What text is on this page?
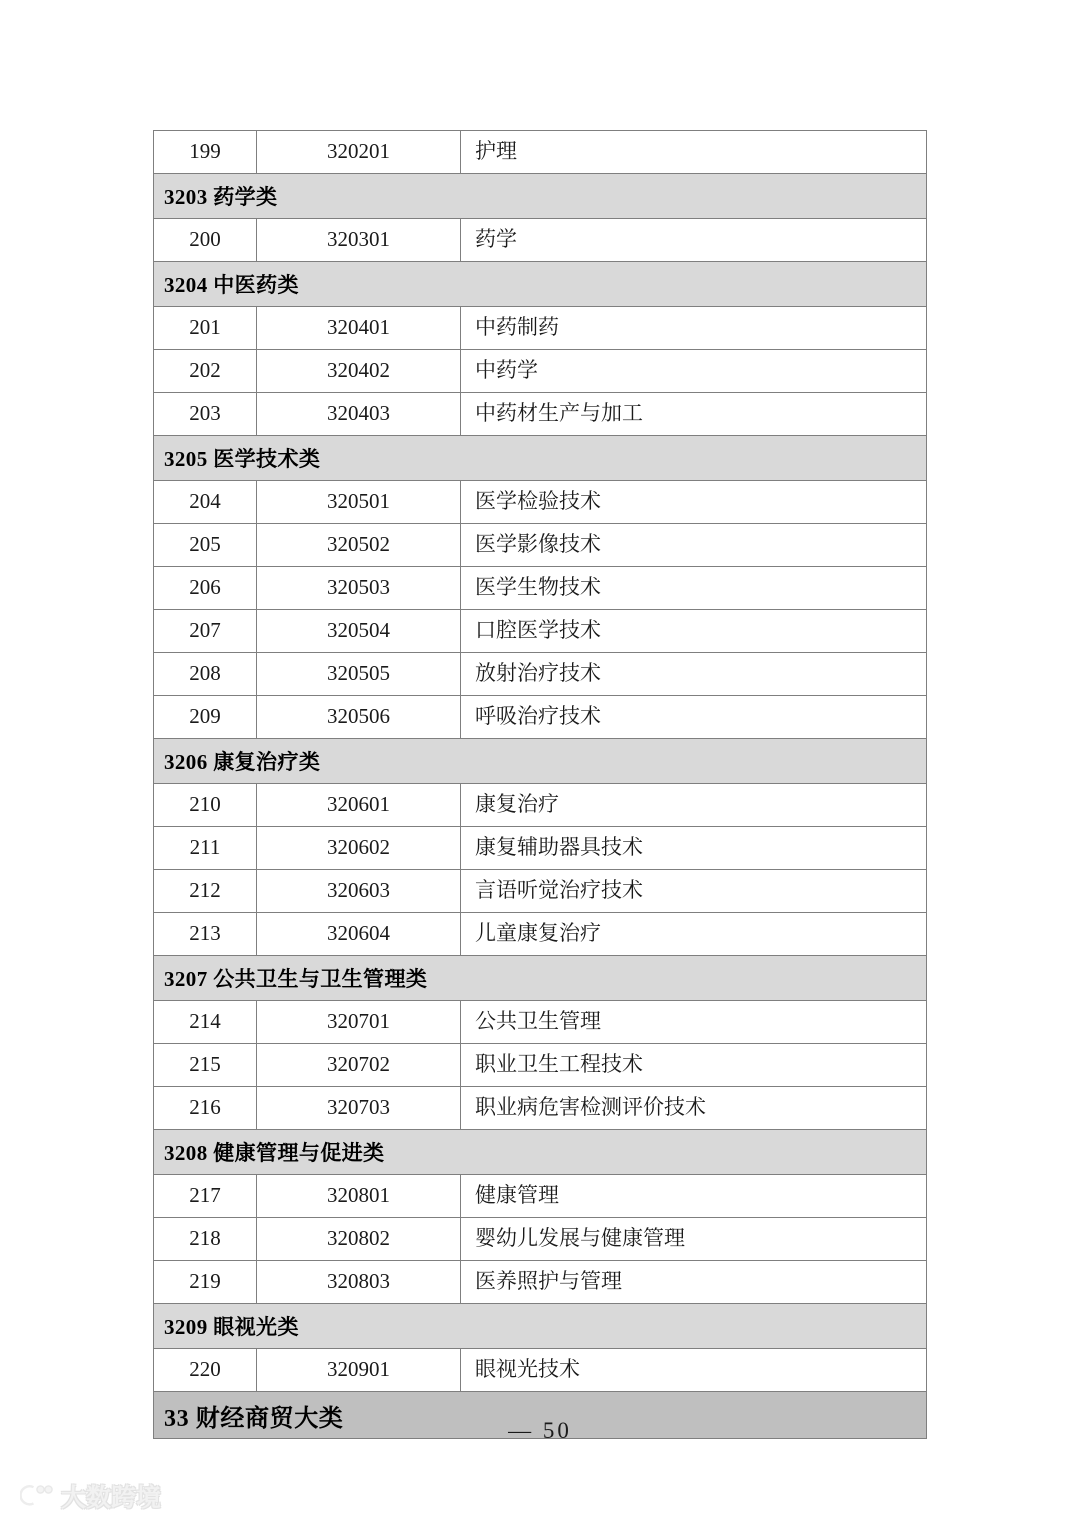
199	320201	护理
3203 药学类		
200	320301	药学
3204 中医药类		
201	320401	中药制药
202	320402	中药学
203	320403	中药材生产与加工
3205 医学技术类		
204	320501	医学检验技术
205	320502	医学影像技术
206	320503	医学生物技术
207	320504	口腔医学技术
208	320505	放射治疗技术
209	320506	呼吸治疗技术
3206 康复治疗类		
210	320601	康复治疗
211	320602	康复辅助器具技术
212	320603	言语听觉治疗技术
213	320604	儿童康复治疗
3207 公共卫生与卫生管理类		
214	320701	公共卫生管理
215	320702	职业卫生工程技术
216	320703	职业病危害检测评价技术
3208 健康管理与促进类		
217	320801	健康管理
218	320802	婴幼儿发展与健康管理
219	320803	医养照护与管理
3209 眼视光类		
220	320901	眼视光技术
33 财经商贸大类			— 50
大数跨境
